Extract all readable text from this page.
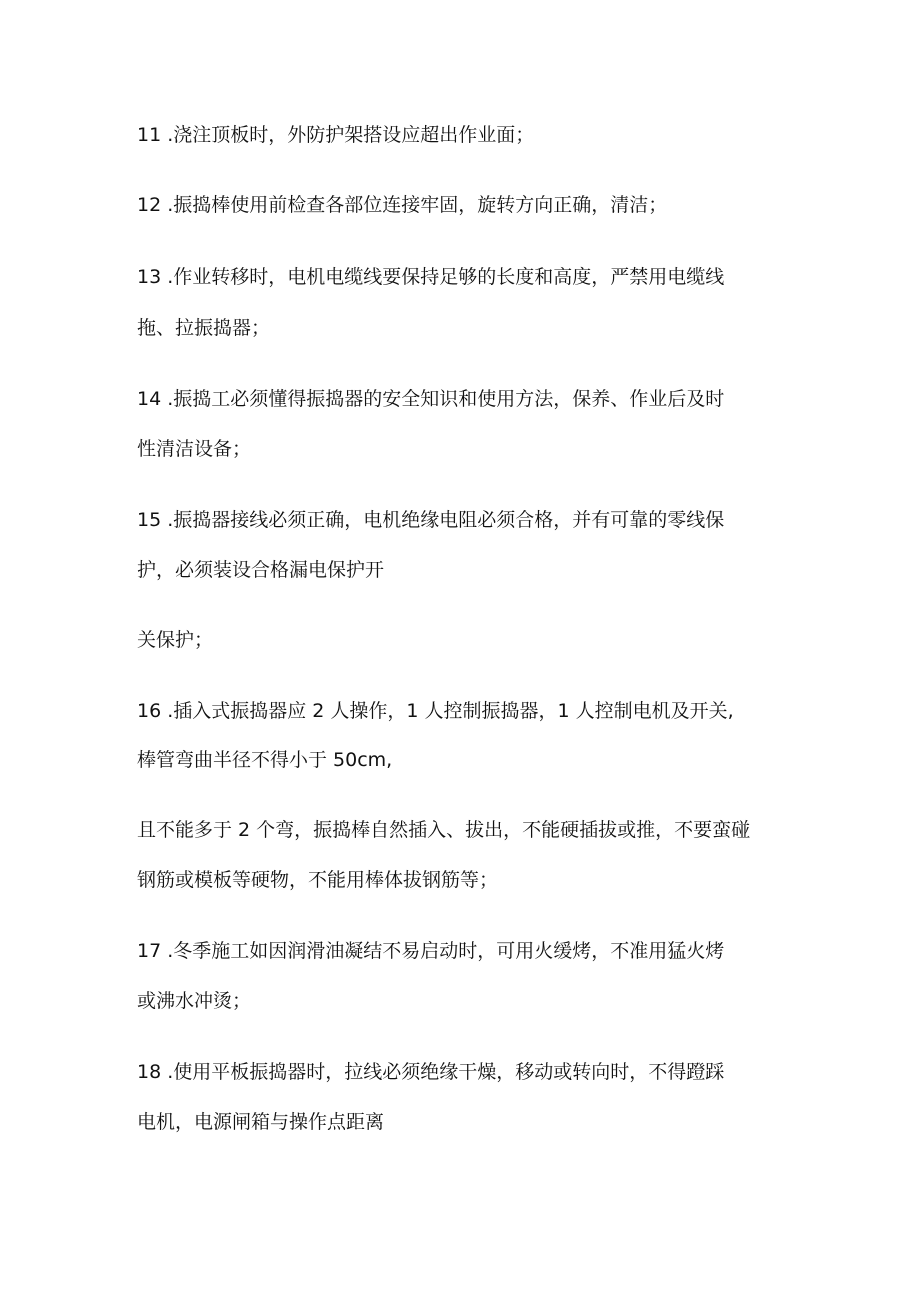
11 .浇注顶板时，外防护架搭设应超出作业面；
12 .振捣棒使用前检查各部位连接牢固，旋转方向正确，清洁；
13 .作业转移时，电机电缆线要保持足够的长度和高度，严禁用电缆线
拖、拉振捣器；
14 .振捣工必须懂得振捣器的安全知识和使用方法，保养、作业后及时
性清洁设备；
15 .振捣器接线必须正确，电机绝缘电阻必须合格，并有可靠的零线保
护，必须装设合格漏电保护开
关保护；
16 .插入式振捣器应 2 人操作，1 人控制振捣器，1 人控制电机及开关,
棒管弯曲半径不得小于 50cm,
且不能多于 2 个弯，振捣棒自然插入、拔出，不能硬插拔或推，不要蛮碰
钢筋或模板等硬物，不能用棒体拔钢筋等；
17 .冬季施工如因润滑油凝结不易启动时，可用火缓烤，不准用猛火烤
或沸水冲烫；
18 .使用平板振捣器时，拉线必须绝缘干燥，移动或转向时，不得蹬踩
电机，电源闸箱与操作点距离
